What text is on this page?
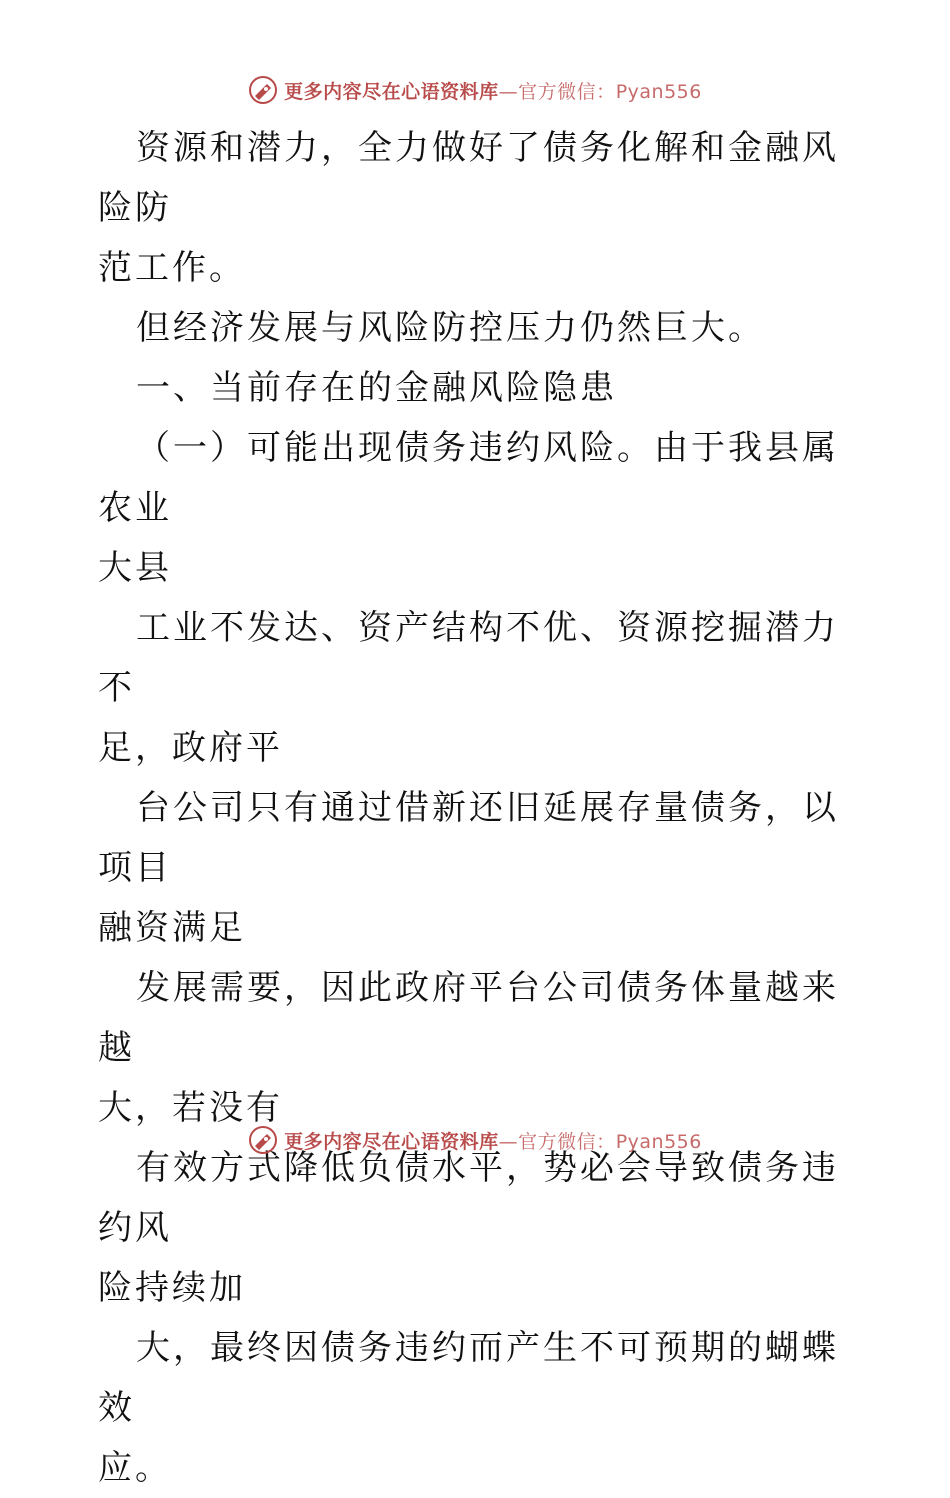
更多内容尽在心语资料库—官方微信：Pyan556

资源和潜力，全力做好了债务化解和金融风险防

范工作。

但经济发展与风险防控压力仍然巨大。

一、当前存在的金融风险隐患

（一）可能出现债务违约风险。由于我县属农业

大县

工业不发达、资产结构不优、资源挖掘潜力不

足，政府平

台公司只有通过借新还旧延展存量债务，以项目

融资满足

发展需要，因此政府平台公司债务体量越来越

大，若没有

有效方式降低负债水平，势必会导致债务违约风

险持续加

大，最终因债务违约而产生不可预期的蝴蝶效

应。

更多内容尽在心语资料库—官方微信：Pyan556
